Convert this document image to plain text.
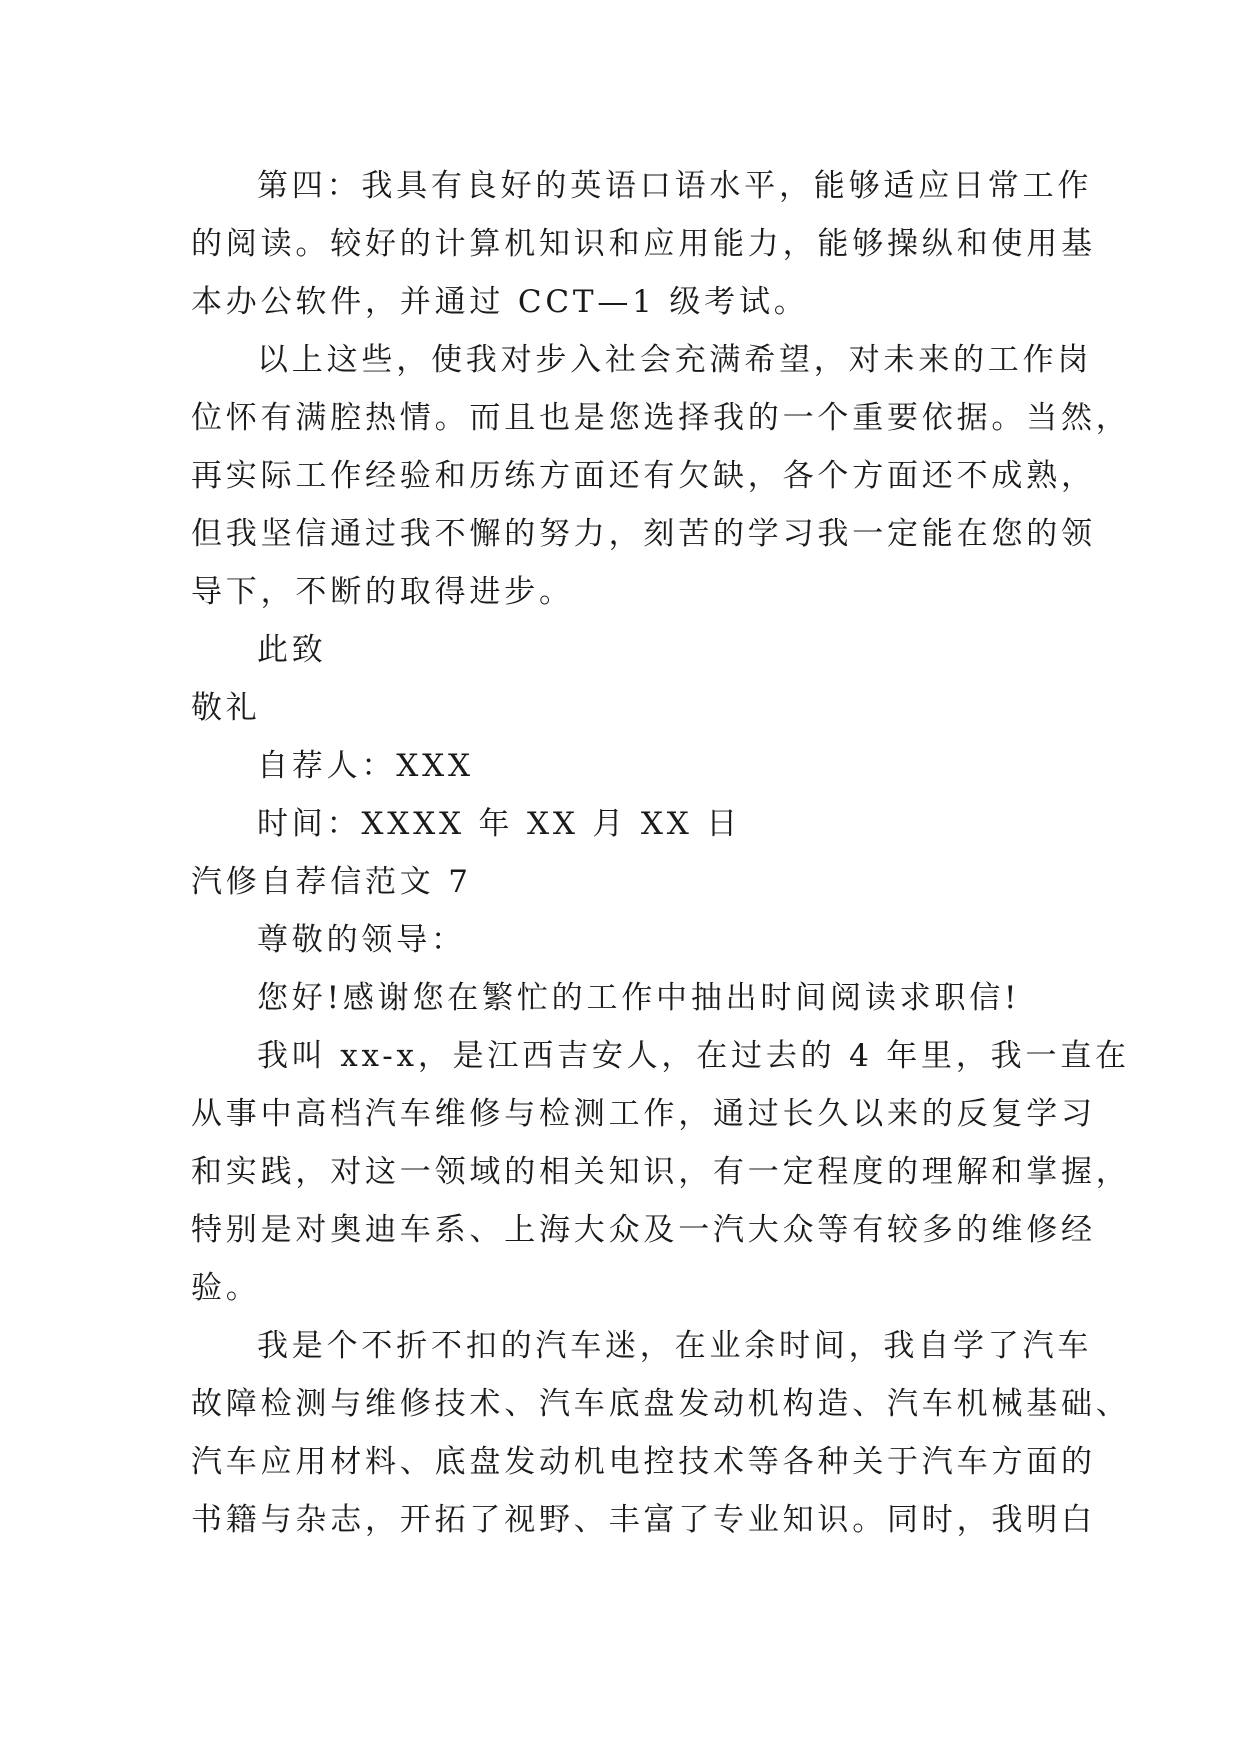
第四：我具有良好的英语口语水平，能够适应日常工作
的阅读。较好的计算机知识和应用能力，能够操纵和使用基
本办公软件，并通过 CCT—1 级考试。
以上这些，使我对步入社会充满希望，对未来的工作岗
位怀有满腔热情。而且也是您选择我的一个重要依据。当然，
再实际工作经验和历练方面还有欠缺，各个方面还不成熟，
但我坚信通过我不懈的努力，刻苦的学习我一定能在您的领
导下，不断的取得进步。
此致
敬礼
自荐人：XXX
时间：XXXX 年 XX 月 XX 日
汽修自荐信范文 7
尊敬的领导：
您好!感谢您在繁忙的工作中抽出时间阅读求职信!
我叫 xx-x，是江西吉安人，在过去的 4 年里，我一直在
从事中高档汽车维修与检测工作，通过长久以来的反复学习
和实践，对这一领域的相关知识，有一定程度的理解和掌握，
特别是对奥迪车系、上海大众及一汽大众等有较多的维修经
验。
我是个不折不扣的汽车迷，在业余时间，我自学了汽车
故障检测与维修技术、汽车底盘发动机构造、汽车机械基础、
汽车应用材料、底盘发动机电控技术等各种关于汽车方面的
书籍与杂志，开拓了视野、丰富了专业知识。同时，我明白
